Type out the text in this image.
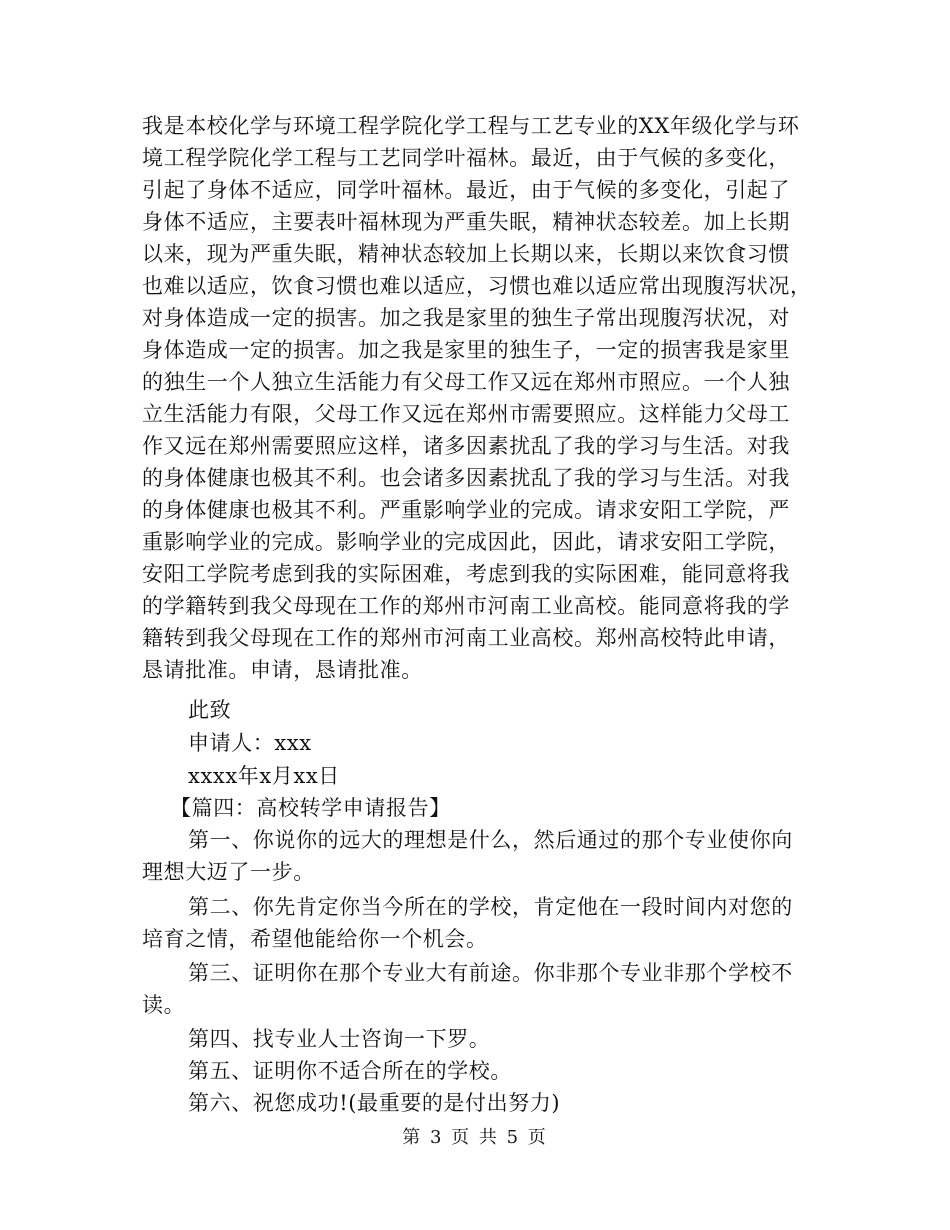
我是本校化学与环境工程学院化学工程与工艺专业的XX年级化学与环
境工程学院化学工程与工艺同学叶福林。最近，由于气候的多变化，
引起了身体不适应，同学叶福林。最近，由于气候的多变化，引起了
身体不适应，主要表叶福林现为严重失眠，精神状态较差。加上长期
以来，现为严重失眠，精神状态较加上长期以来，长期以来饮食习惯
也难以适应，饮食习惯也难以适应，习惯也难以适应常出现腹泻状况，
对身体造成一定的损害。加之我是家里的独生子常出现腹泻状况，对
身体造成一定的损害。加之我是家里的独生子，一定的损害我是家里
的独生一个人独立生活能力有父母工作又远在郑州市照应。一个人独
立生活能力有限，父母工作又远在郑州市需要照应。这样能力父母工
作又远在郑州需要照应这样，诸多因素扰乱了我的学习与生活。对我
的身体健康也极其不利。也会诸多因素扰乱了我的学习与生活。对我
的身体健康也极其不利。严重影响学业的完成。请求安阳工学院，严
重影响学业的完成。影响学业的完成因此，因此，请求安阳工学院，
安阳工学院考虑到我的实际困难，考虑到我的实际困难，能同意将我
的学籍转到我父母现在工作的郑州市河南工业高校。能同意将我的学
籍转到我父母现在工作的郑州市河南工业高校。郑州高校特此申请，
恳请批准。申请，恳请批准。
此致
申请人：xxx
xxxx年x月xx日
【篇四：高校转学申请报告】
第一、你说你的远大的理想是什么，然后通过的那个专业使你向
理想大迈了一步。
第二、你先肯定你当今所在的学校，肯定他在一段时间内对您的
培育之情，希望他能给你一个机会。
第三、证明你在那个专业大有前途。你非那个专业非那个学校不
读。
第四、找专业人士咨询一下罗。
第五、证明你不适合所在的学校。
第六、祝您成功!(最重要的是付出努力)
第 3 页 共 5 页
